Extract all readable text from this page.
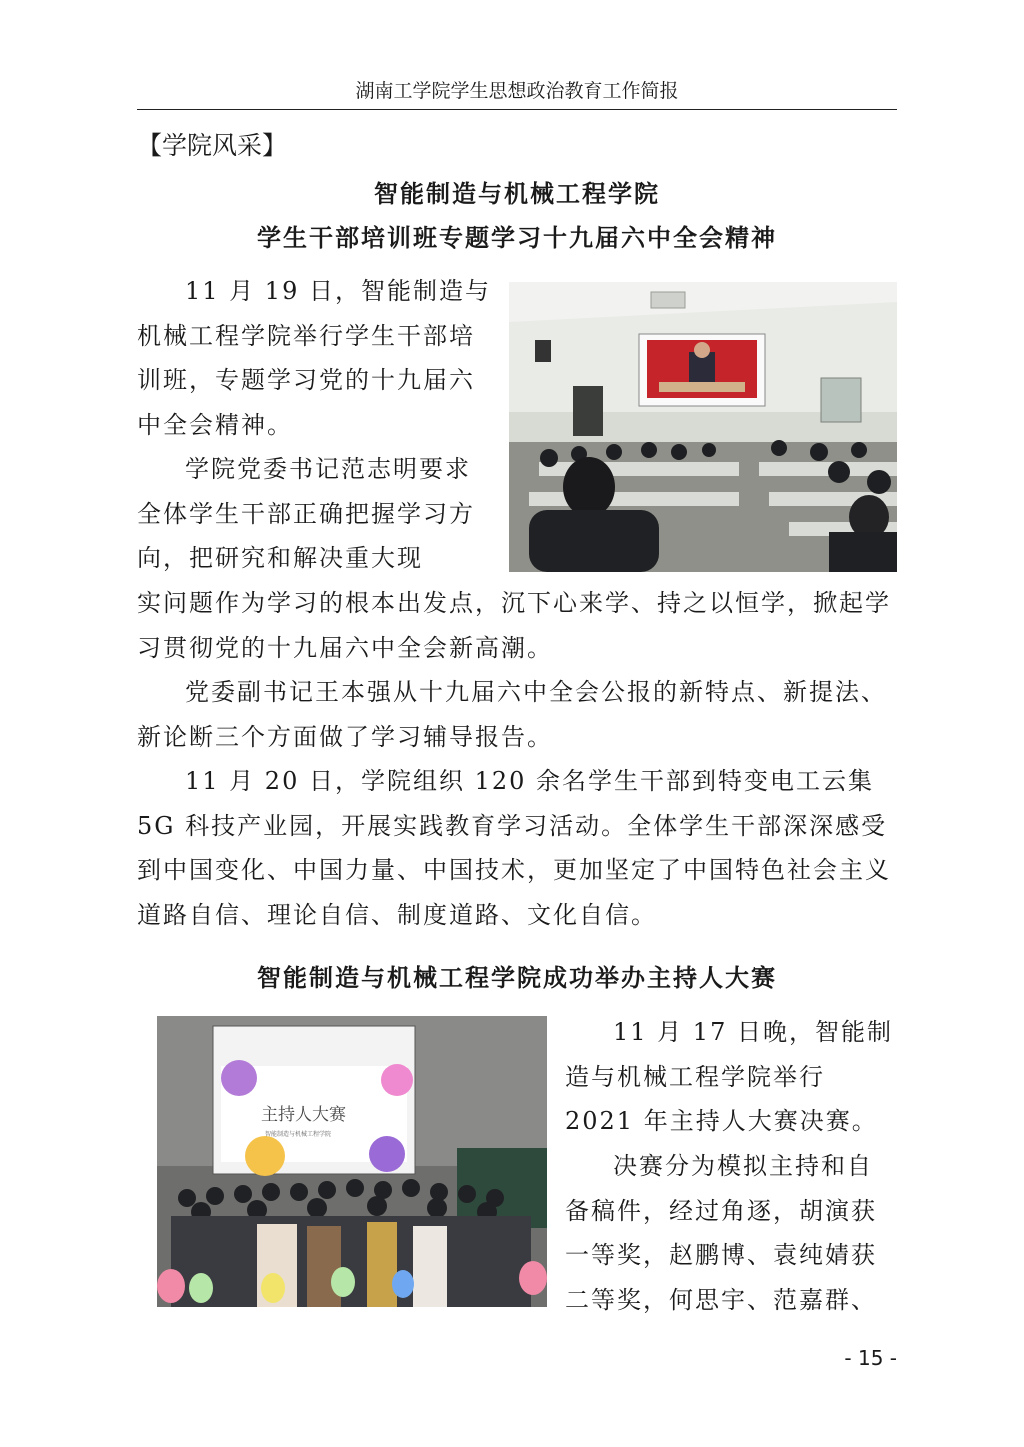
湖南工学院学生思想政治教育工作简报
【学院风采】
智能制造与机械工程学院
学生干部培训班专题学习十九届六中全会精神

11 月 19 日，智能制造与机械工程学院举行学生干部培训班，专题学习党的十九届六中全会精神。

学院党委书记范志明要求全体学生干部正确把握学习方向，把研究和解决重大现

实问题作为学习的根本出发点，沉下心来学、持之以恒学，掀起学习贯彻党的十九届六中全会新高潮。

党委副书记王本强从十九届六中全会公报的新特点、新提法、新论断三个方面做了学习辅导报告。

11 月 20 日，学院组织 120 余名学生干部到特变电工云集 5G 科技产业园，开展实践教育学习活动。全体学生干部深深感受到中国变化、中国力量、中国技术，更加坚定了中国特色社会主义道路自信、理论自信、制度道路、文化自信。

智能制造与机械工程学院成功举办主持人大赛
主持人大赛
智能制造与机械工程学院

11 月 17 日晚，智能制造与机械工程学院举行 2021 年主持人大赛决赛。

决赛分为模拟主持和自备稿件，经过角逐，胡演获一等奖，赵鹏博、袁纯婧获二等奖，何思宇、范嘉群、

- 15 -
